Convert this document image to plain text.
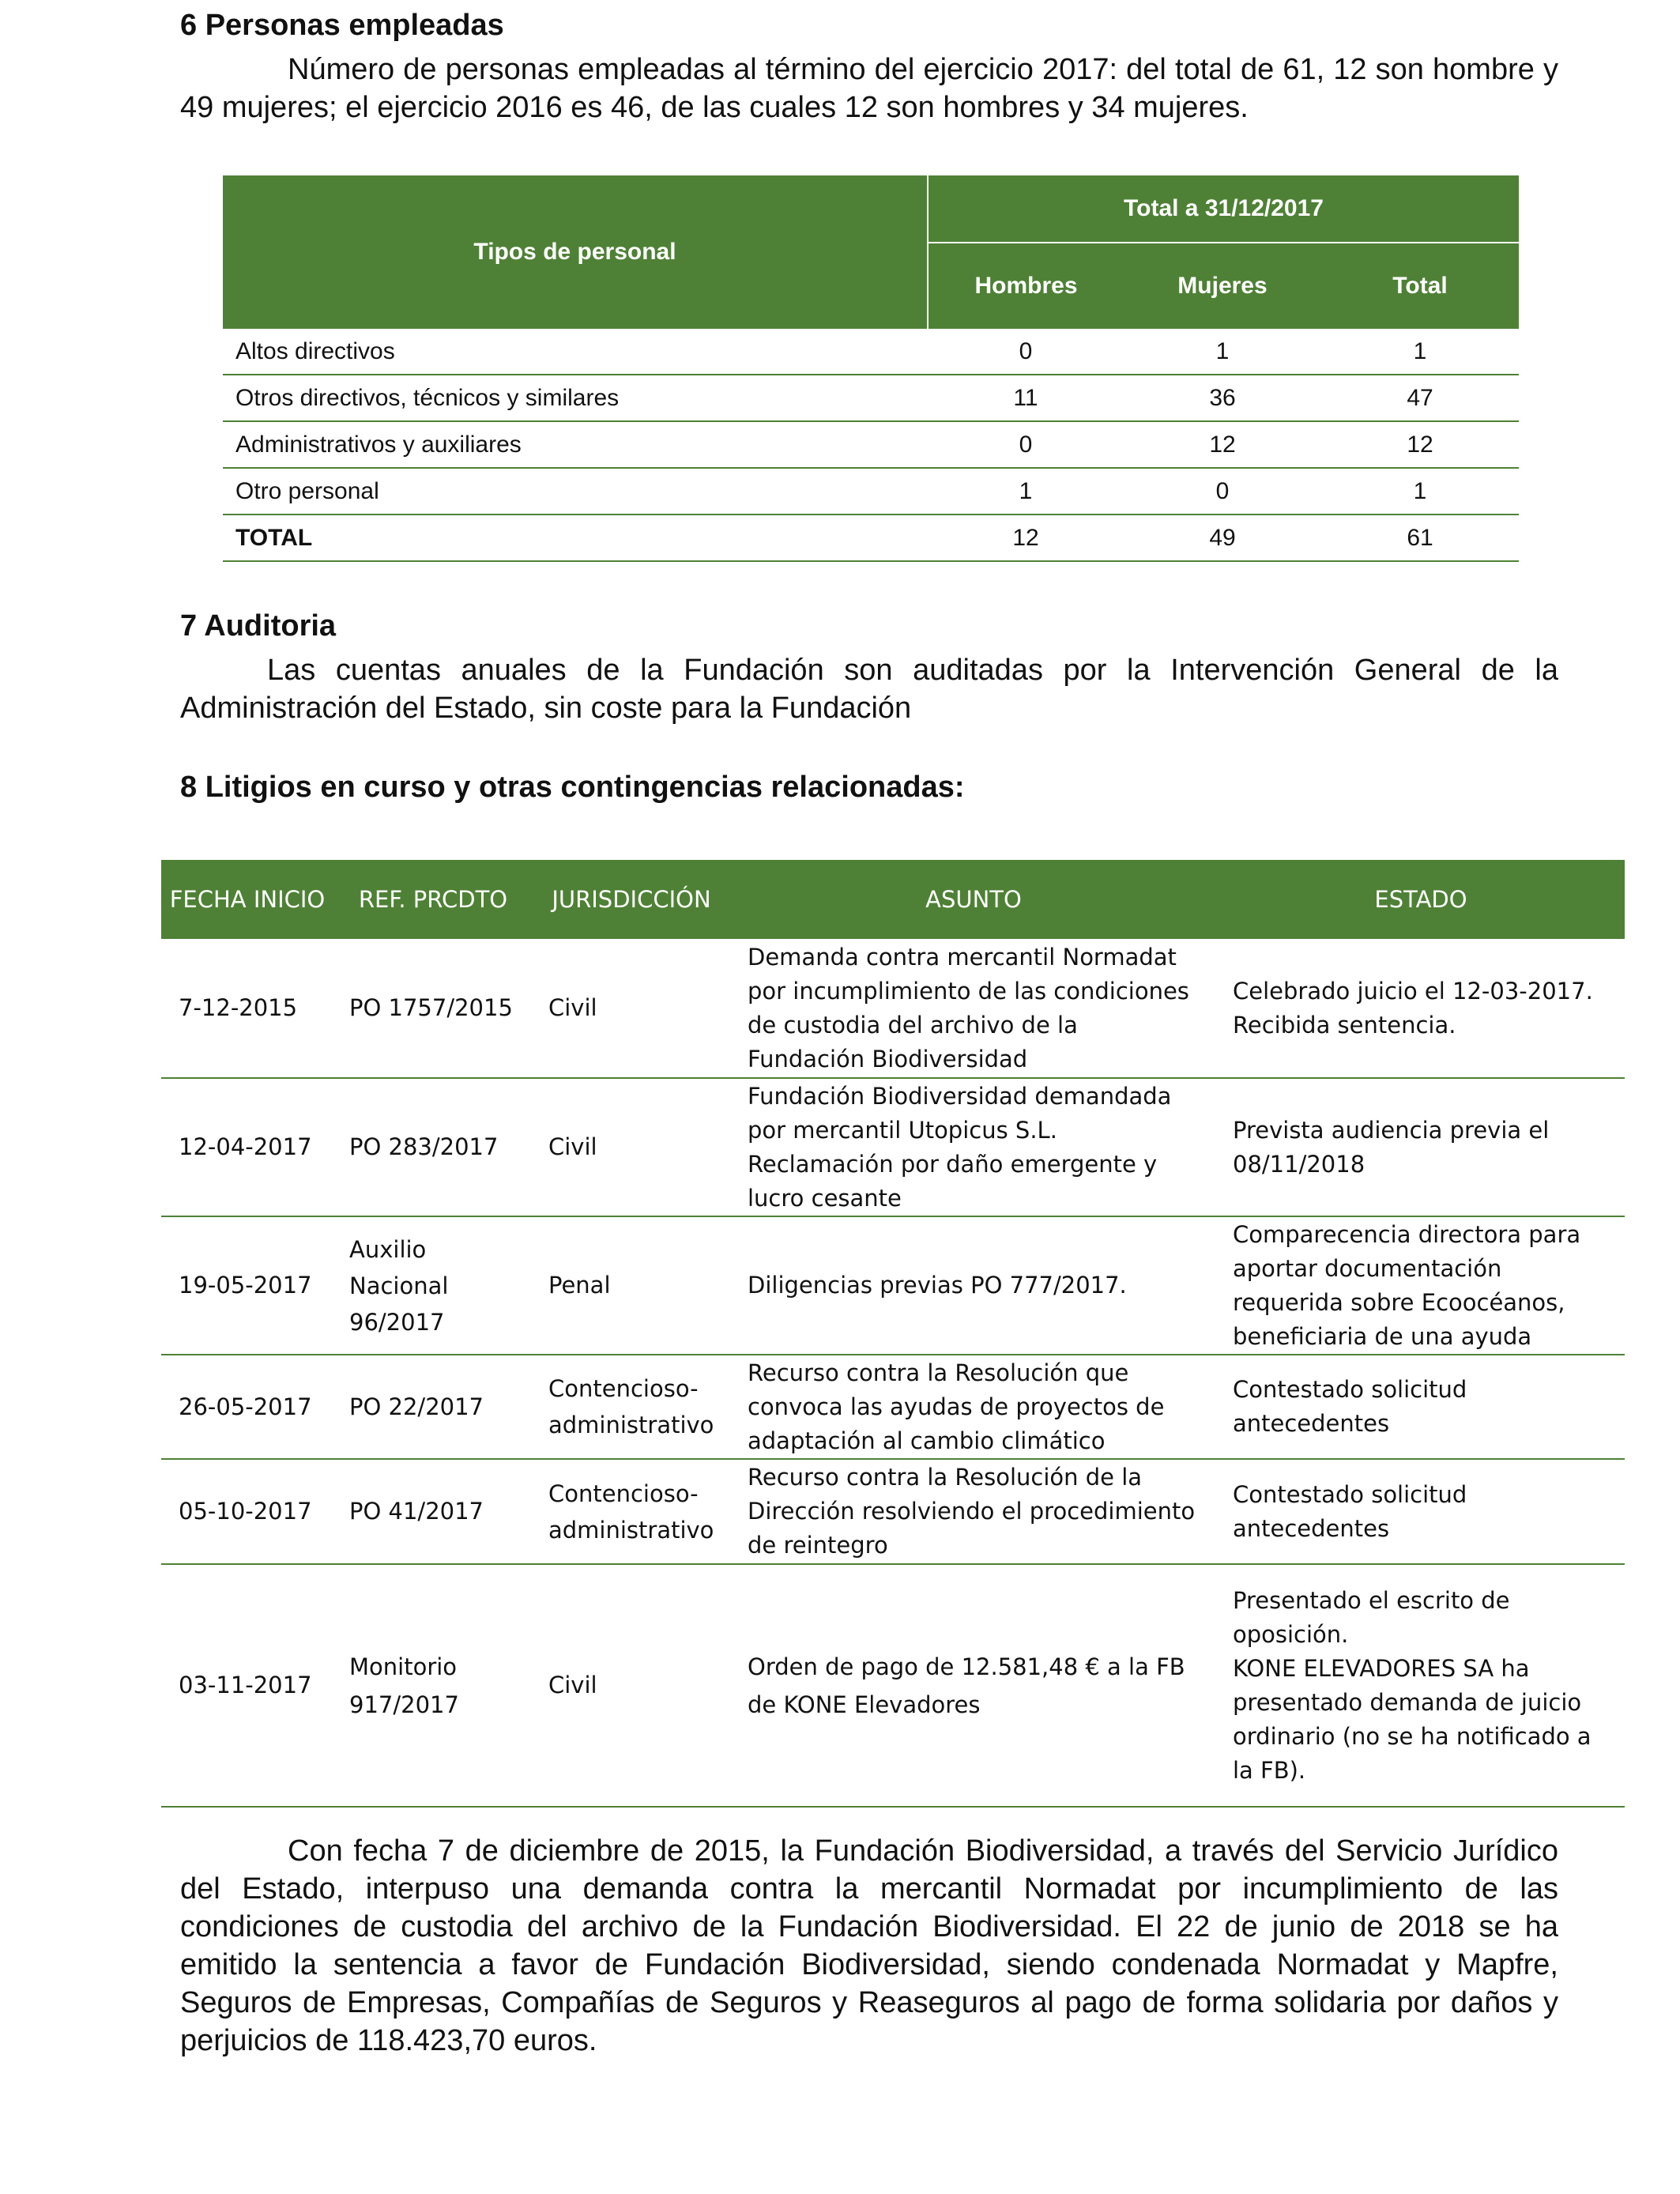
6 Personas empleadas

Número de personas empleadas al término del ejercicio 2017: del total de 61, 12 son hombre y 49 mujeres; el ejercicio 2016 es 46, de las cuales 12 son hombres y 34 mujeres.

Tipos de personal	Total a 31/12/2017		
	Hombres	Mujeres	Total
Altos directivos	0	1	1
Otros directivos, técnicos y similares	11	36	47
Administrativos y auxiliares	0	12	12
Otro personal	1	0	1
TOTAL	12	49	61
7 Auditoria

Las cuentas anuales de la Fundación son auditadas por la Intervención General de la Administración del Estado, sin coste para la Fundación

8 Litigios en curso y otras contingencias relacionadas:
FECHA INICIO	REF. PRCDTO	JURISDICCIÓN	ASUNTO	ESTADO
7-12-2015	PO 1757/2015	Civil	Demanda contra mercantil Normadat por incumplimiento de las condiciones de custodia del archivo de la Fundación Biodiversidad	Celebrado juicio el 12-03-2017. Recibida sentencia.
12-04-2017	PO 283/2017	Civil	Fundación Biodiversidad demandada por mercantil Utopicus S.L. Reclamación por daño emergente y lucro cesante	Prevista audiencia previa el 08/11/2018
19-05-2017	Auxilio Nacional 96/2017	Penal	Diligencias previas PO 777/2017.	Comparecencia directora para aportar documentación requerida sobre Ecoocéanos, beneficiaria de una ayuda
26-05-2017	PO 22/2017	Contencioso-administrativo	Recurso contra la Resolución que convoca las ayudas de proyectos de adaptación al cambio climático	Contestado solicitud antecedentes
05-10-2017	PO 41/2017	Contencioso-administrativo	Recurso contra la Resolución de la Dirección resolviendo el procedimiento de reintegro	Contestado solicitud antecedentes
03-11-2017	Monitorio 917/2017	Civil	Orden de pago de 12.581,48 € a la FB de KONE Elevadores	Presentado el escrito de oposición.
KONE ELEVADORES SA ha presentado demanda de juicio ordinario (no se ha notificado a la FB).

Con fecha 7 de diciembre de 2015, la Fundación Biodiversidad, a través del Servicio Jurídico del Estado, interpuso una demanda contra la mercantil Normadat por incumplimiento de las condiciones de custodia del archivo de la Fundación Biodiversidad. El 22 de junio de 2018 se ha emitido la sentencia a favor de Fundación Biodiversidad, siendo condenada Normadat y Mapfre, Seguros de Empresas, Compañías de Seguros y Reaseguros al pago de forma solidaria por daños y perjuicios de 118.423,70 euros.
